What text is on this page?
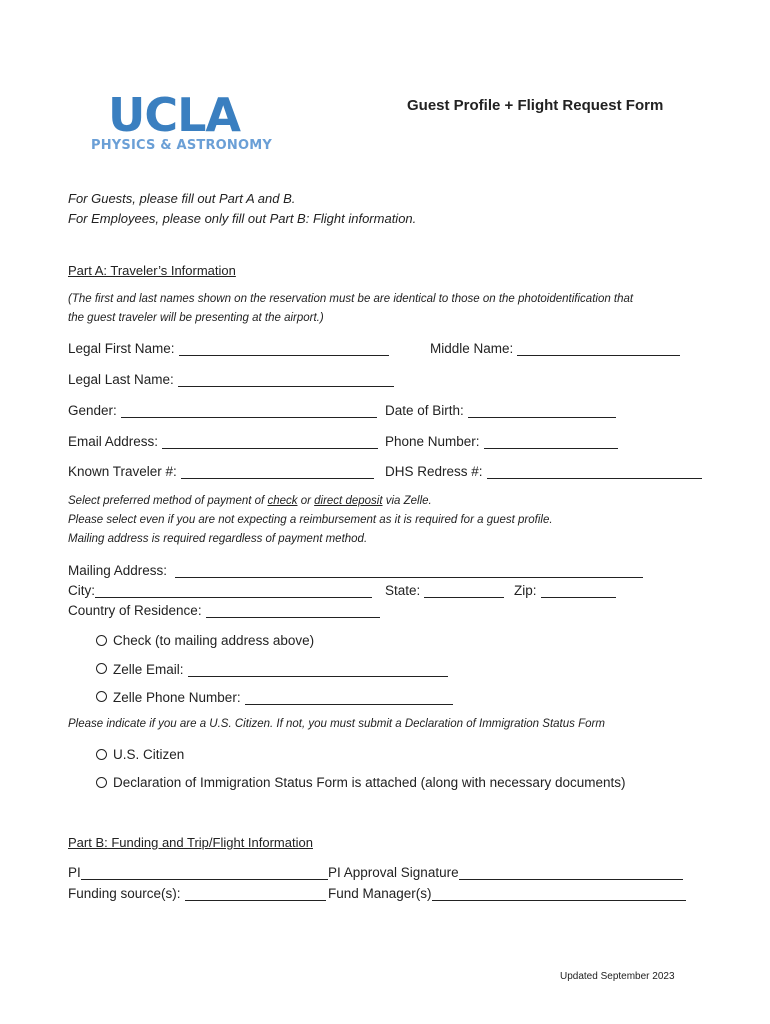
UCLA
PHYSICS & ASTRONOMY
Guest Profile + Flight Request Form
For Guests, please fill out Part A and B.
For Employees, please only fill out Part B: Flight information.
Part A: Traveler’s Information
(The first and last names shown on the reservation must be are identical to those on the photoidentification that
the guest traveler will be presenting at the airport.)
Legal First Name:	Middle Name:
Legal Last Name:
Gender:	Date of Birth:
Email Address:	Phone Number:
Known Traveler #:	DHS Redress #:
Select preferred method of payment of check or direct deposit via Zelle.
Please select even if you are not expecting a reimbursement as it is required for a guest profile.
Mailing address is required regardless of payment method.
Mailing Address:
City:	State:	Zip:
Country of Residence:
Check (to mailing address above)
Zelle Email:
Zelle Phone Number:
Please indicate if you are a U.S. Citizen. If not, you must submit a Declaration of Immigration Status Form
U.S. Citizen
Declaration of Immigration Status Form is attached (along with necessary documents)
Part B: Funding and Trip/Flight Information
PI	PI Approval Signature
Funding source(s):	Fund Manager(s)
Updated September 2023
